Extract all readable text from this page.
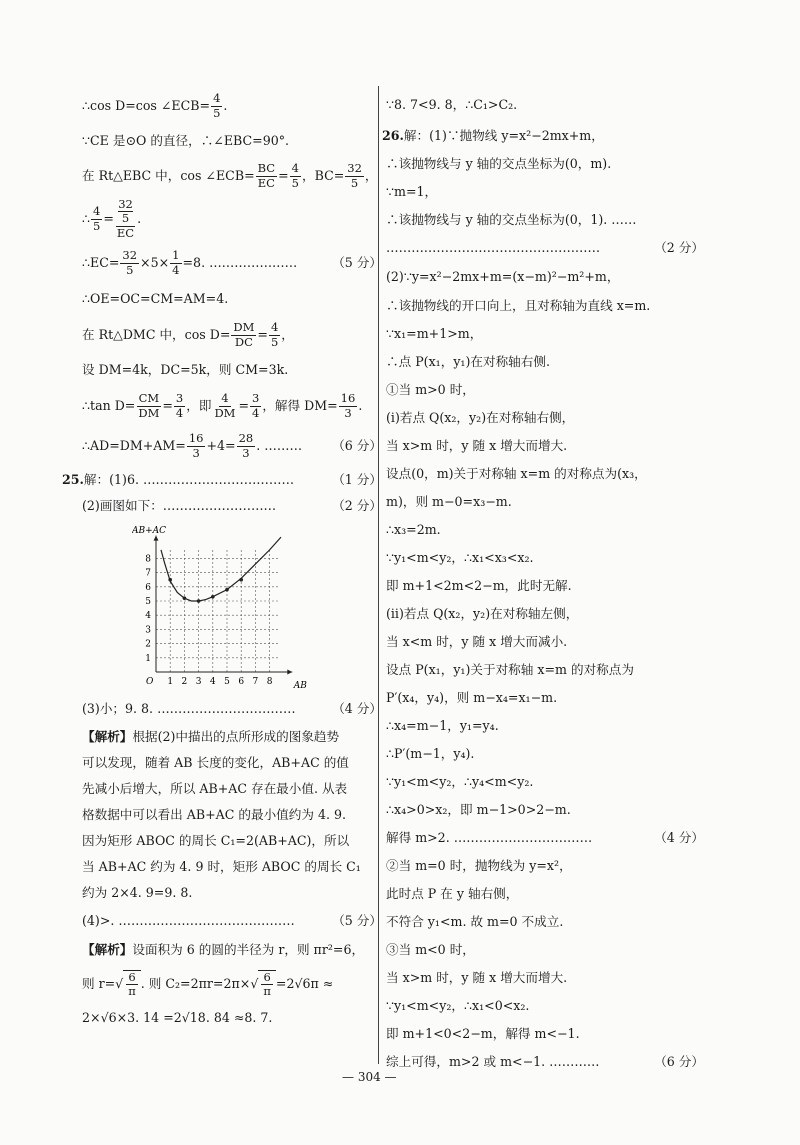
∴cos D=cos ∠ECB= $\frac{4}{5}$ .
∵CE 是⊙O 的直径，∴∠EBC=90°.
在 Rt△EBC 中，cos ∠ECB= $\frac{BC}{EC} = \frac{4}{5}$ ，$BC= \frac{32}{5}$ ，
∴ $\frac{4}{5} = \frac{\frac{32}{5}}{EC}$ .
∴EC= $\frac{32}{5} \times 5\times \frac{1}{4} =8$. …………………	（5 分）
∴OE=OC=CM=AM=4.
在 Rt△DMC 中，$\cos D= \frac{DM}{DC} = \frac{4}{5}$ ，
设 DM=4k，DC=5k，则 CM=3k.
∴tan $D= \frac{CM}{DM} = \frac{3}{4}$ ，即 $\frac{4}{DM} = \frac{3}{4}$ ，解得 $DM= \frac{16}{3}$ .
∴AD=DM+AM= $\frac{16}{3} +4= \frac{28}{3}$ . ……… （6 分）
25. 解：(1)6. ………………………………	（1 分）
(2)画图如下：………………………	（2 分）
1 2 3 4 5 6 7 8
1
2
3
4
5
6
7
8
AB+AC
AB
O
(3)小；9. 8. ……………………………	（4 分）
【解析】 根据(2)中描出的点所形成的图象趋势
可以发现，随着 AB 长度的变化，AB+AC 的值
先减小后增大，所以 AB+AC 存在最小值. 从表
格数据中可以看出 AB+AC 的最小值约为 4. 9.
因为矩形 ABOC 的周长 C₁=2(AB+AC)，所以
当 AB+AC 约为 4. 9 时，矩形 ABOC 的周长 C₁
约为 2×4. 9=9. 8.
(4)>. ……………………………………	（5 分）
【解析】 设面积为 6 的圆的半径为 r，则 πr²=6，
则 r= √ $\frac{6}{\pi}$ . 则 C₂=2πr=2π× √ $\frac{6}{\pi} =2√6\pi$ ≈
2×√6×3. 14 =2√18. 84 ≈8. 7.
∵8. 7<9. 8，∴C₁>C₂.
26. 解：(1)∵抛物线 y=x²−2mx+m，
∴该抛物线与 y 轴的交点坐标为(0，m).
∵m=1，
∴该抛物线与 y 轴的交点坐标为(0，1). ……
……………………………………………	（2 分）
(2)∵y=x²−2mx+m=(x−m)²−m²+m，
∴该抛物线的开口向上，且对称轴为直线 x=m.
∵x₁=m+1>m，
∴点 P(x₁，y₁)在对称轴右侧.
①当 m>0 时，
(ⅰ)若点 Q(x₂，y₂)在对称轴右侧，
当 x>m 时，y 随 x 增大而增大.
设点(0，m)关于对称轴 x=m 的对称点为(x₃，
m)，则 m−0=x₃−m.
∴x₃=2m.
∵y₁<m<y₂，∴x₁<x₃<x₂.
即 m+1<2m<2−m，此时无解.
(ⅱ)若点 Q(x₂，y₂)在对称轴左侧，
当 x<m 时，y 随 x 增大而减小.
设点 P(x₁，y₁)关于对称轴 x=m 的对称点为
P′(x₄，y₄)，则 m−x₄=x₁−m.
∴x₄=m−1，y₁=y₄.
∴P′(m−1，y₄).
∵y₁<m<y₂，∴y₄<m<y₂.
∴x₄>0>x₂，即 m−1>0>2−m.
解得 m>2. ……………………………	（4 分）
②当 m=0 时，抛物线为 y=x²，
此时点 P 在 y 轴右侧，
不符合 y₁<m. 故 m=0 不成立.
③当 m<0 时，
当 x>m 时，y 随 x 增大而增大.
∵y₁<m<y₂，∴x₁<0<x₂.
即 m+1<0<2−m，解得 m<−1.
综上可得，m>2 或 m<−1. …………	（6 分）
— 304 —
